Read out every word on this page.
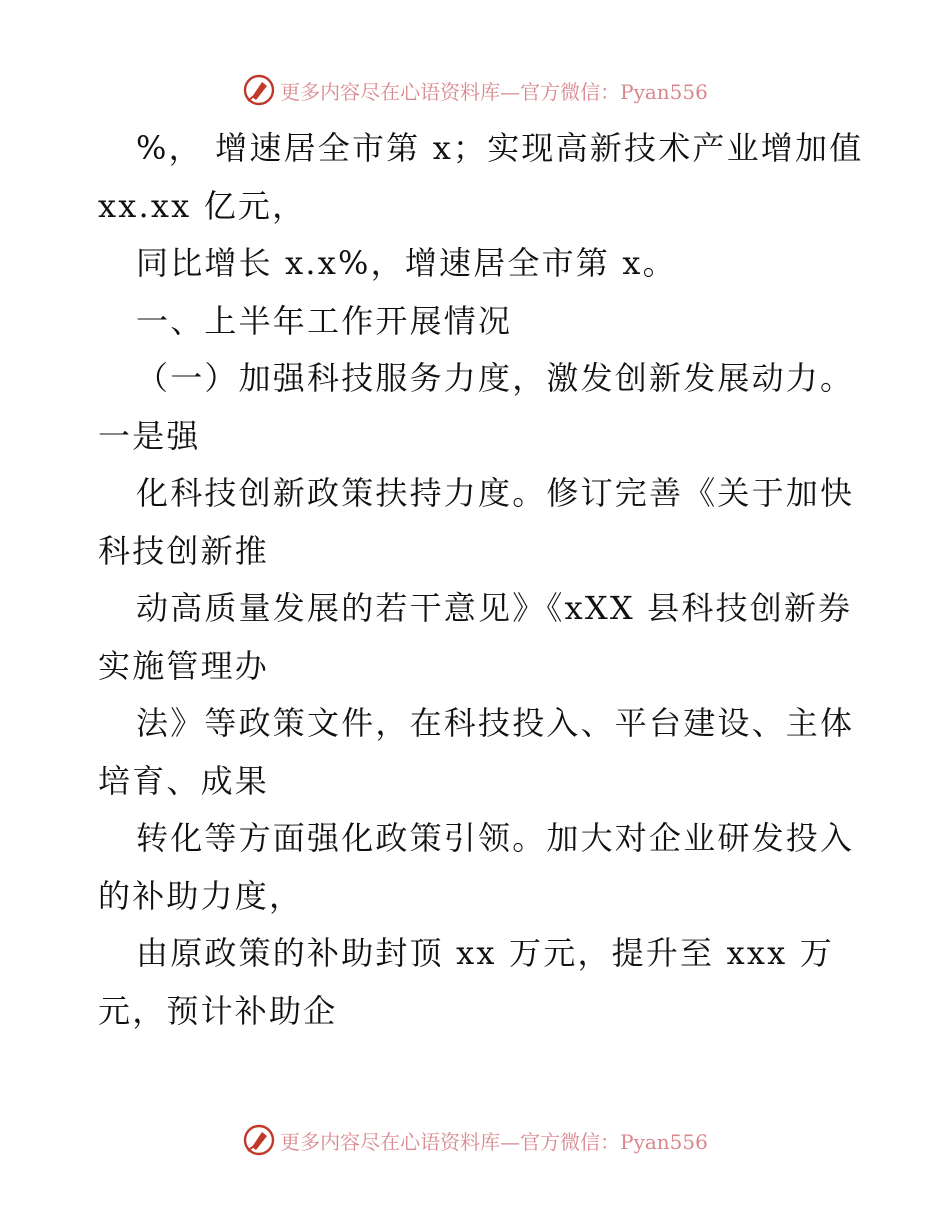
更多内容尽在心语资料库—官方微信：Pyan556
%， 增速居全市第 x；实现高新技术产业增加值
xx.xx 亿元，
同比增长 x.x%，增速居全市第 x。
一、上半年工作开展情况
（一）加强科技服务力度，激发创新发展动力。
一是强
化科技创新政策扶持力度。修订完善《关于加快
科技创新推
动高质量发展的若干意见》《xXX 县科技创新券
实施管理办
法》等政策文件，在科技投入、平台建设、主体
培育、成果
转化等方面强化政策引领。加大对企业研发投入
的补助力度，
由原政策的补助封顶 xx 万元，提升至 xxx 万
元，预计补助企
更多内容尽在心语资料库—官方微信：Pyan556
